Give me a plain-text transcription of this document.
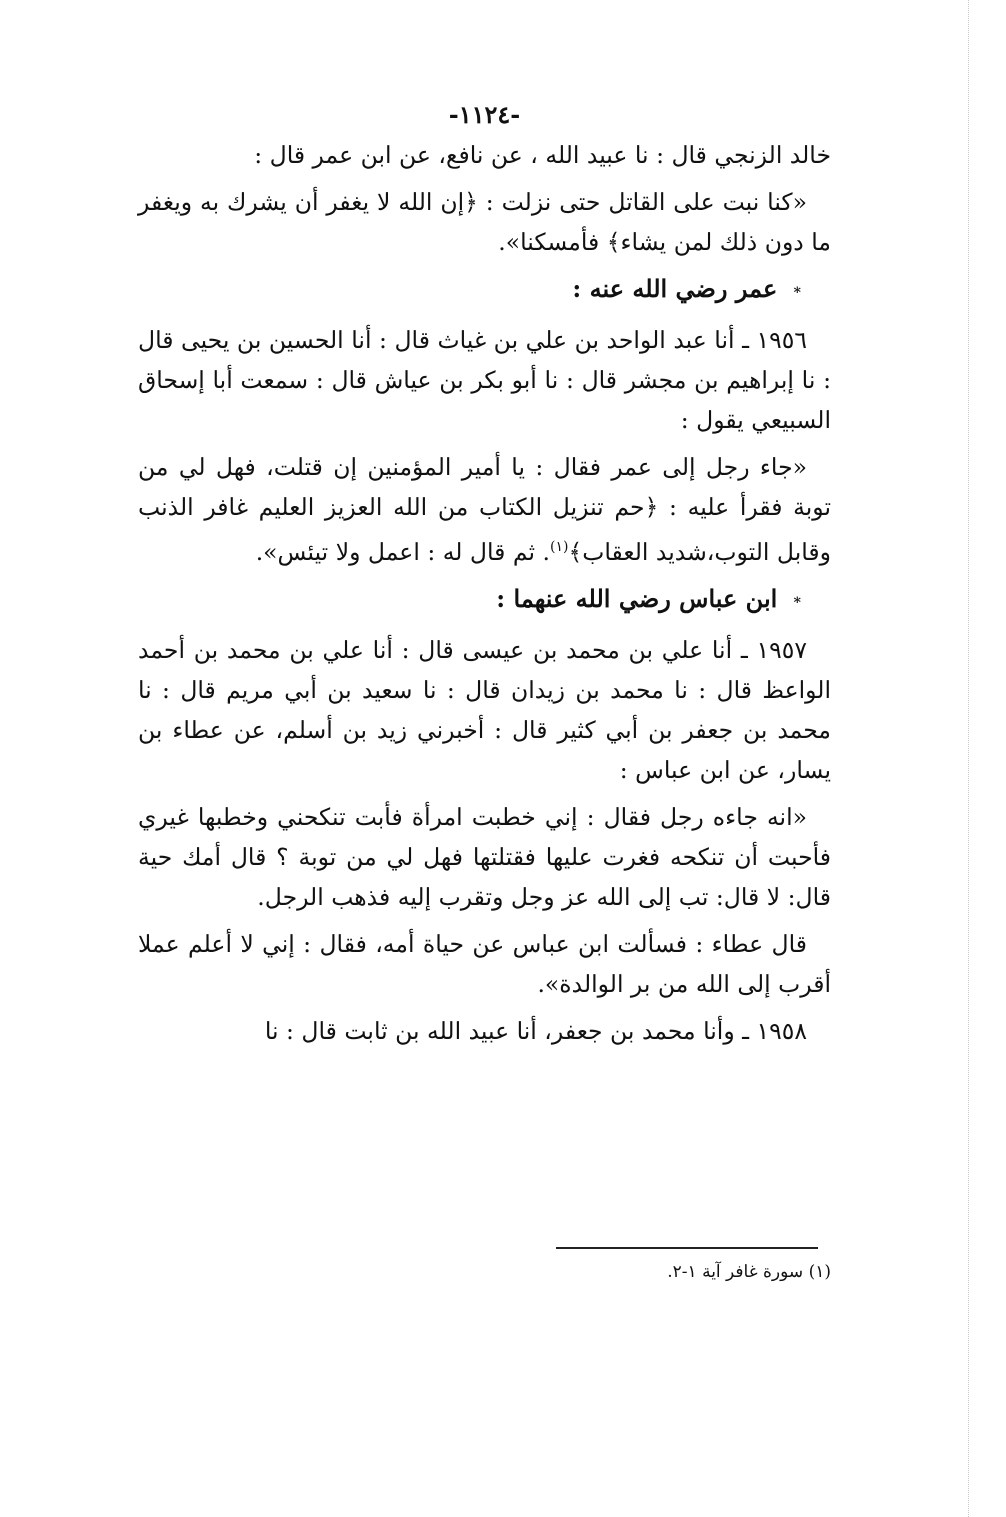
-١١٢٤-

خالد الزنجي قال : نا عبيد الله ، عن نافع، عن ابن عمر قال :

«كنا نبت على القاتل حتى نزلت : ﴿إن الله لا يغفر أن يشرك به ويغفر ما دون ذلك لمن يشاء﴾ فأمسكنا».

* عمر رضي الله عنه :

١٩٥٦ ـ أنا عبد الواحد بن علي بن غياث قال : أنا الحسين بن يحيى قال : نا إبراهيم بن مجشر قال : نا أبو بكر بن عياش قال : سمعت أبا إسحاق السبيعي يقول :

«جاء رجل إلى عمر فقال : يا أمير المؤمنين إن قتلت، فهل لي من توبة فقرأ عليه : ﴿حم تنزيل الكتاب من الله العزيز العليم غافر الذنب وقابل التوب،شديد العقاب﴾$^{(١)}$. ثم قال له : اعمل ولا تيئس».

* ابن عباس رضي الله عنهما :

١٩٥٧ ـ أنا علي بن محمد بن عيسى قال : أنا علي بن محمد بن أحمد الواعظ قال : نا محمد بن زيدان قال : نا سعيد بن أبي مريم قال : نا محمد بن جعفر بن أبي كثير قال : أخبرني زيد بن أسلم، عن عطاء بن يسار، عن ابن عباس :

«انه جاءه رجل فقال : إني خطبت امرأة فأبت تنكحني وخطبها غيري فأحبت أن تنكحه فغرت عليها فقتلتها فهل لي من توبة ؟ قال أمك حية قال: لا قال: تب إلى الله عز وجل وتقرب إليه فذهب الرجل.

قال عطاء : فسألت ابن عباس عن حياة أمه، فقال : إني لا أعلم عملا أقرب إلى الله من بر الوالدة».

١٩٥٨ ـ وأنا محمد بن جعفر، أنا عبيد الله بن ثابت قال : نا

(١) سورة غافر آية ١-٢.
